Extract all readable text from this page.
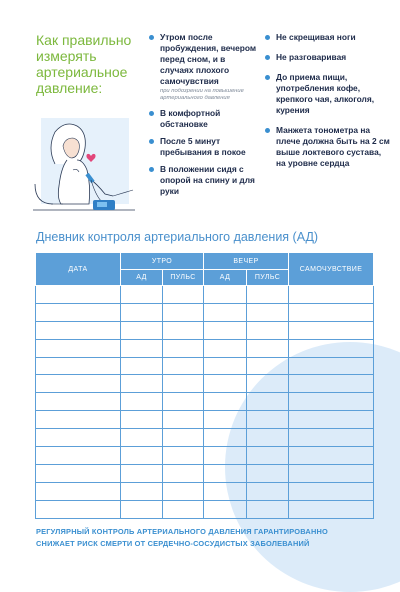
Как правильно измерять артериальное давление:
Утром после пробуждения, вечером перед сном, и в случаях плохого самочувствия
при подозрении на повышение артериального давления
В комфортной обстановке
После 5 минут пребывания в покое
В положении сидя с опорой на спину и для руки
Не скрещивая ноги
Не разговаривая
До приема пищи, употребления кофе, крепкого чая, алкоголя, курения
Манжета тонометра на плече должна быть на 2 см выше локтевого сустава, на уровне сердца
Дневник контроля артериального давления (АД)
ДАТА	УТРО		ВЕЧЕР		САМОЧУВСТВИЕ
	АД	ПУЛЬС	АД	ПУЛЬС	

РЕГУЛЯРНЫЙ КОНТРОЛЬ АРТЕРИАЛЬНОГО ДАВЛЕНИЯ ГАРАНТИРОВАННО СНИЖАЕТ РИСК СМЕРТИ ОТ СЕРДЕЧНО-СОСУДИСТЫХ ЗАБОЛЕВАНИЙ
